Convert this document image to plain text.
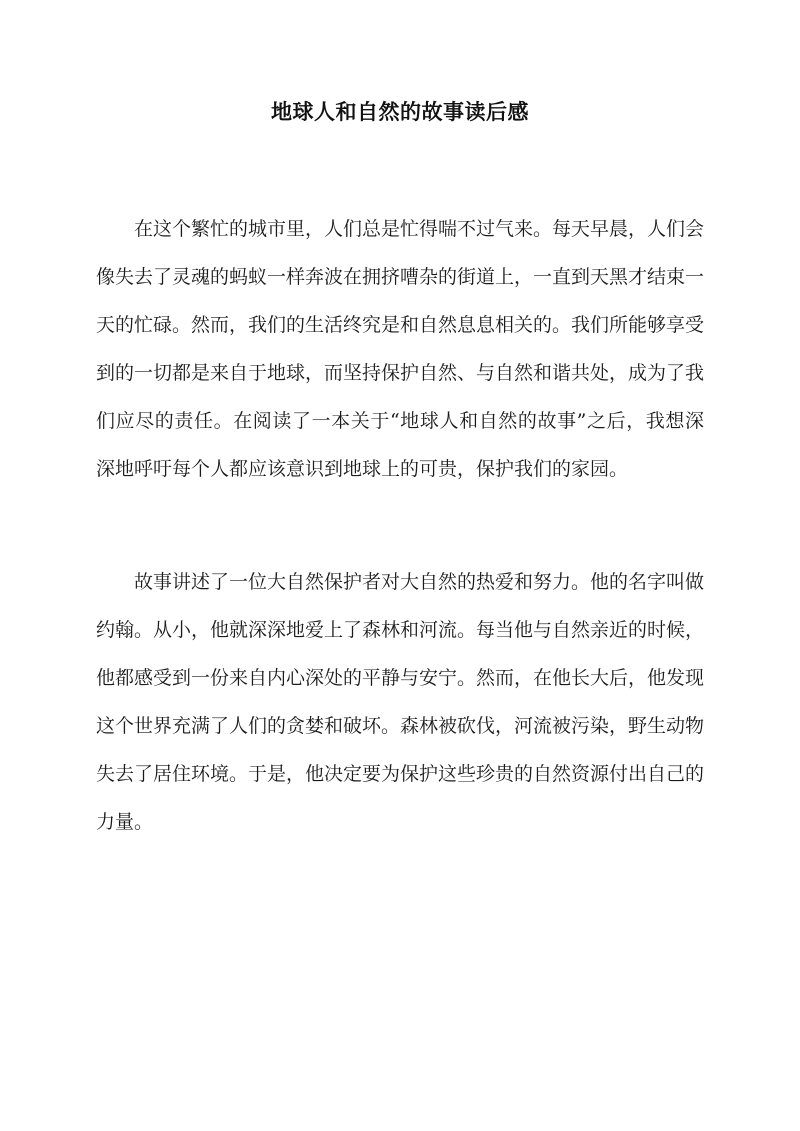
地球人和自然的故事读后感

在这个繁忙的城市里，人们总是忙得喘不过气来。每天早晨，人们会像失去了灵魂的蚂蚁一样奔波在拥挤嘈杂的街道上，一直到天黑才结束一天的忙碌。然而，我们的生活终究是和自然息息相关的。我们所能够享受到的一切都是来自于地球，而坚持保护自然、与自然和谐共处，成为了我们应尽的责任。在阅读了一本关于“地球人和自然的故事”之后，我想深深地呼吁每个人都应该意识到地球上的可贵，保护我们的家园。

故事讲述了一位大自然保护者对大自然的热爱和努力。他的名字叫做约翰。从小，他就深深地爱上了森林和河流。每当他与自然亲近的时候，他都感受到一份来自内心深处的平静与安宁。然而，在他长大后，他发现这个世界充满了人们的贪婪和破坏。森林被砍伐，河流被污染，野生动物失去了居住环境。于是，他决定要为保护这些珍贵的自然资源付出自己的力量。
